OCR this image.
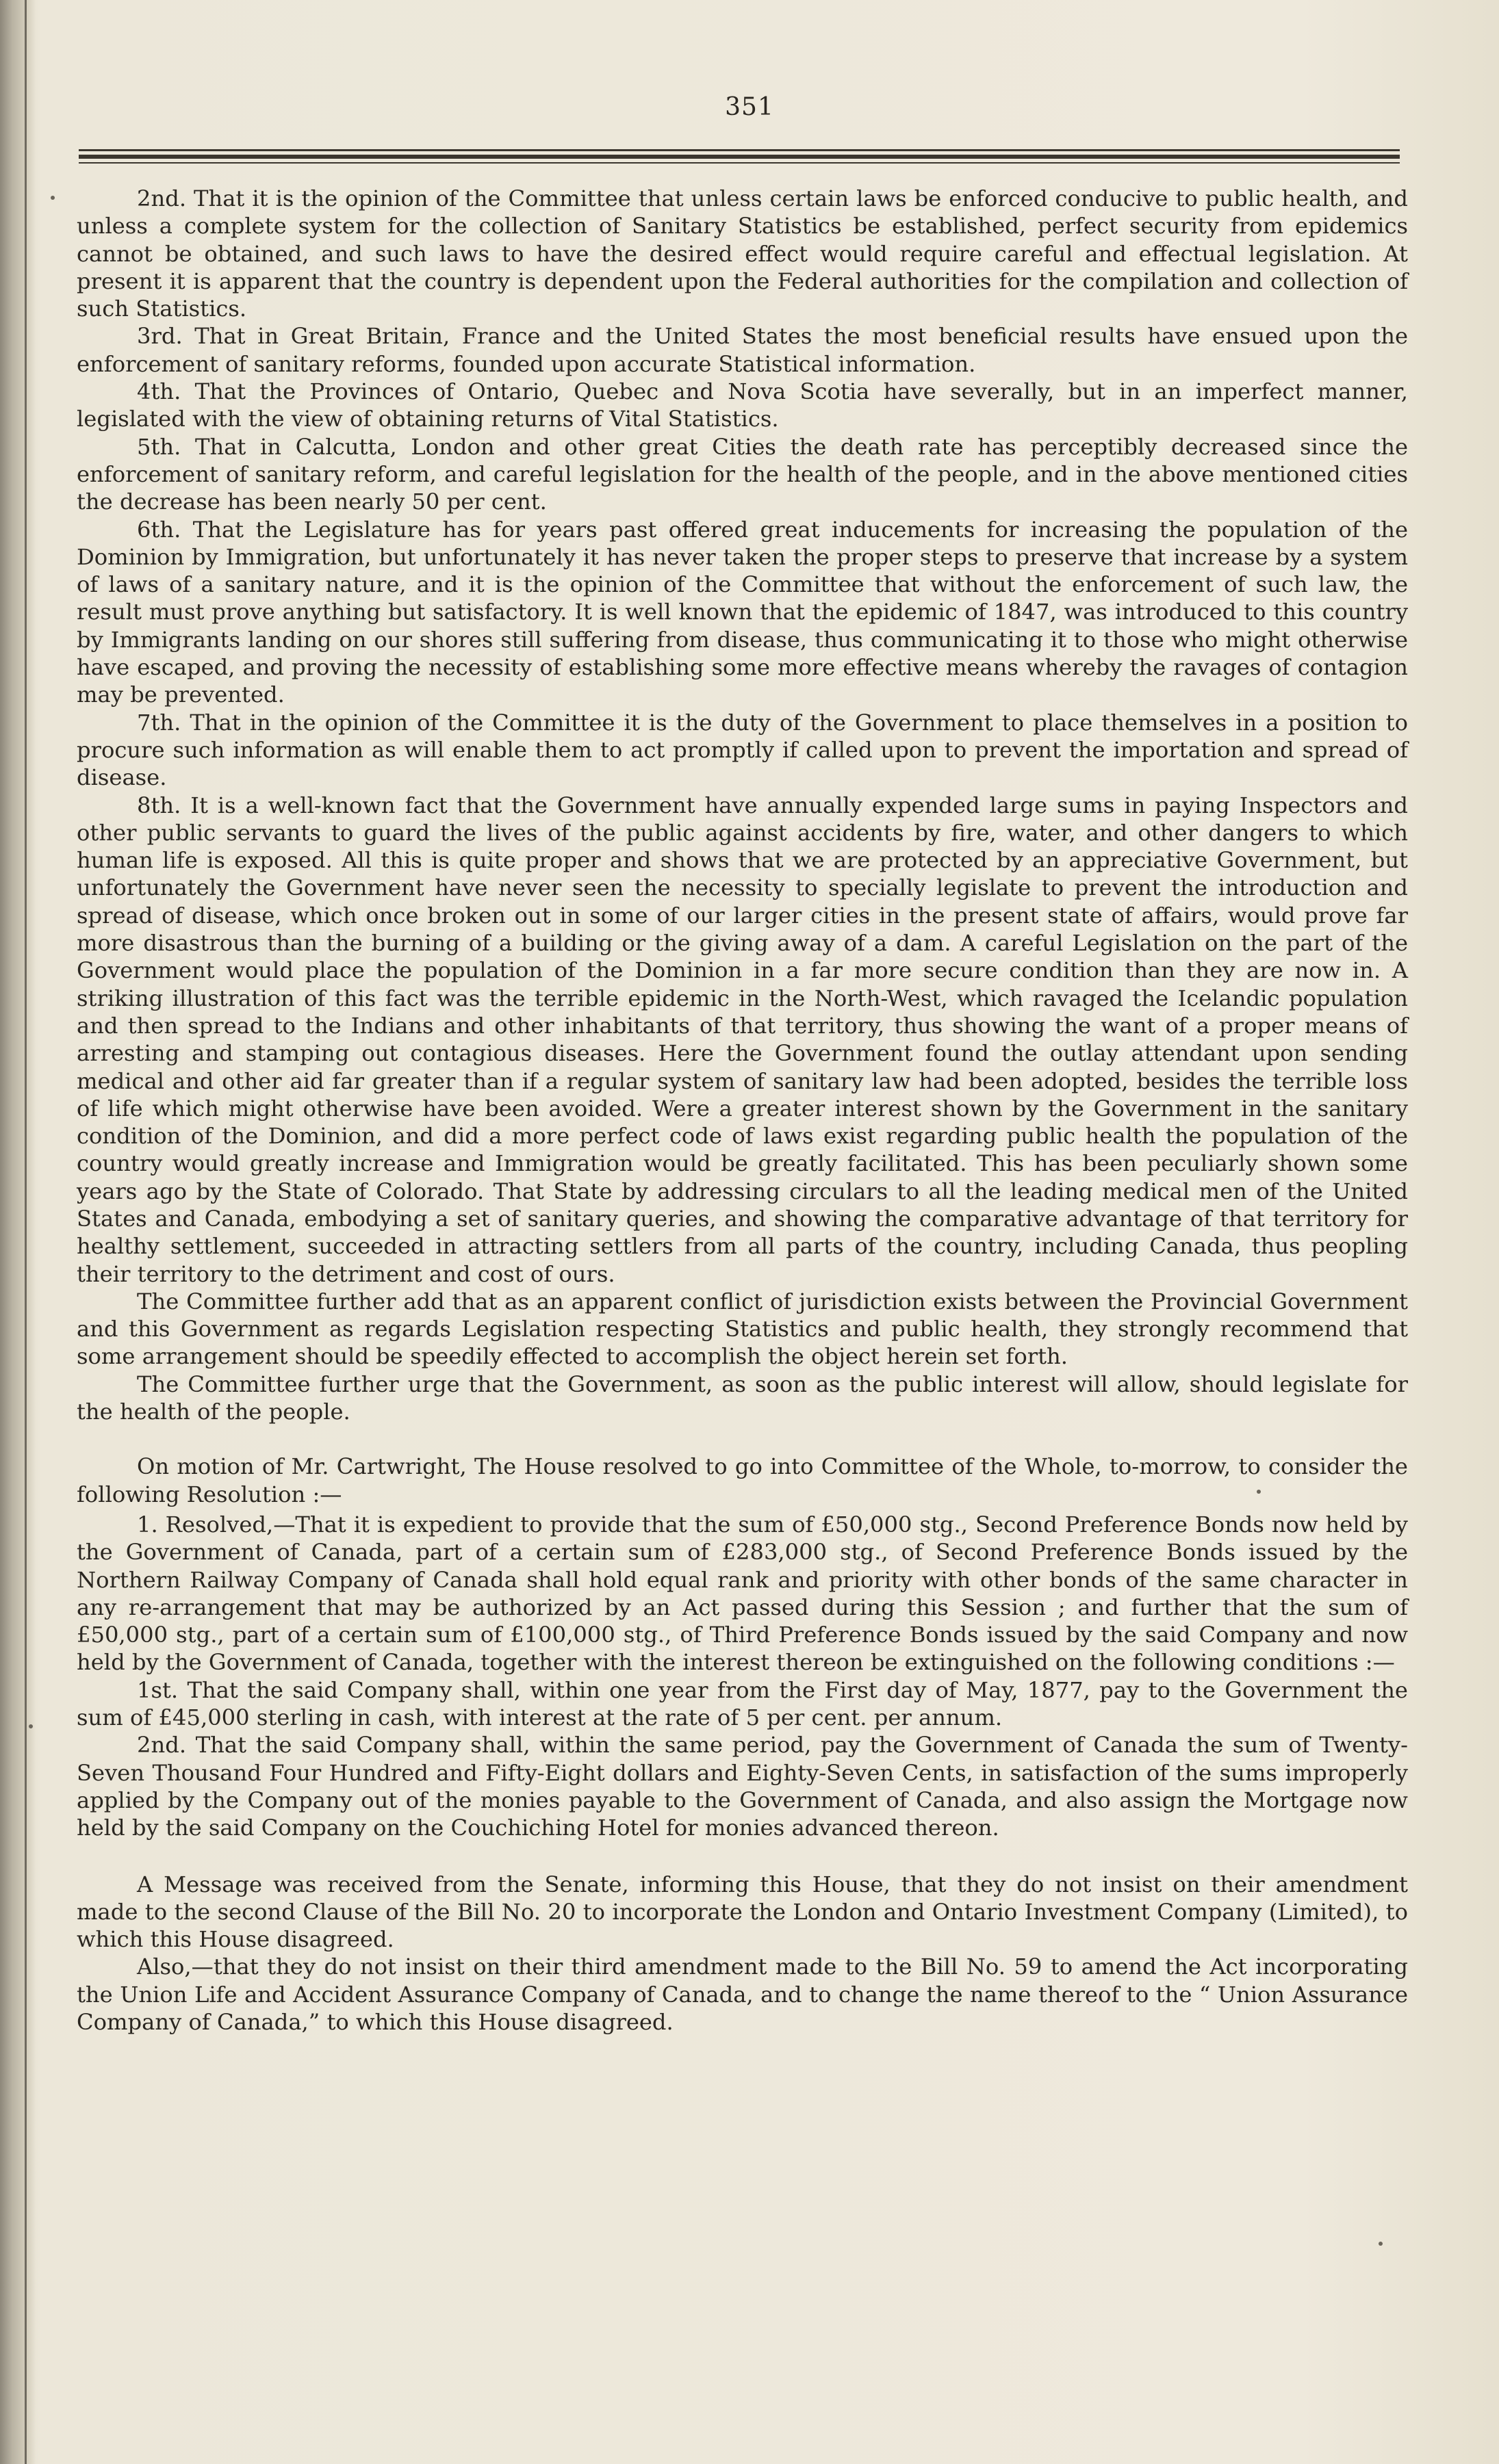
351

2nd. That it is the opinion of the Committee that unless certain laws be enforced conducive to public health, and unless a complete system for the collection of Sanitary Statistics be established, perfect security from epidemics cannot be obtained, and such laws to have the desired effect would require careful and effectual legislation. At present it is apparent that the country is dependent upon the Federal authorities for the compilation and collection of such Statistics.

3rd. That in Great Britain, France and the United States the most beneficial results have ensued upon the enforcement of sanitary reforms, founded upon accurate Statistical information.

4th. That the Provinces of Ontario, Quebec and Nova Scotia have severally, but in an imperfect manner, legislated with the view of obtaining returns of Vital Statistics.

5th. That in Calcutta, London and other great Cities the death rate has perceptibly decreased since the enforcement of sanitary reform, and careful legislation for the health of the people, and in the above mentioned cities the decrease has been nearly 50 per cent.

6th. That the Legislature has for years past offered great inducements for increasing the population of the Dominion by Immigration, but unfortunately it has never taken the proper steps to preserve that increase by a system of laws of a sanitary nature, and it is the opinion of the Committee that without the enforcement of such law, the result must prove anything but satisfactory. It is well known that the epidemic of 1847, was introduced to this country by Immigrants landing on our shores still suffering from disease, thus communicating it to those who might otherwise have escaped, and proving the necessity of establishing some more effective means whereby the ravages of contagion may be prevented.

7th. That in the opinion of the Committee it is the duty of the Government to place themselves in a position to procure such information as will enable them to act promptly if called upon to prevent the importation and spread of disease.

8th. It is a well-known fact that the Government have annually expended large sums in paying Inspectors and other public servants to guard the lives of the public against accidents by fire, water, and other dangers to which human life is exposed. All this is quite proper and shows that we are protected by an appreciative Government, but unfortunately the Government have never seen the necessity to specially legislate to prevent the introduction and spread of disease, which once broken out in some of our larger cities in the present state of affairs, would prove far more disastrous than the burning of a building or the giving away of a dam. A careful Legislation on the part of the Government would place the population of the Dominion in a far more secure condition than they are now in. A striking illustration of this fact was the terrible epidemic in the North-West, which ravaged the Icelandic population and then spread to the Indians and other inhabitants of that territory, thus showing the want of a proper means of arresting and stamping out contagious diseases. Here the Government found the outlay attendant upon sending medical and other aid far greater than if a regular system of sanitary law had been adopted, besides the terrible loss of life which might otherwise have been avoided. Were a greater interest shown by the Government in the sanitary condition of the Dominion, and did a more perfect code of laws exist regarding public health the population of the country would greatly increase and Immigration would be greatly facilitated. This has been peculiarly shown some years ago by the State of Colorado. That State by addressing circulars to all the leading medical men of the United States and Canada, embodying a set of sanitary queries, and showing the comparative advantage of that territory for healthy settlement, succeeded in attracting settlers from all parts of the country, including Canada, thus peopling their territory to the detriment and cost of ours.

The Committee further add that as an apparent conflict of jurisdiction exists between the Provincial Government and this Government as regards Legislation respecting Statistics and public health, they strongly recommend that some arrangement should be speedily effected to accomplish the object herein set forth.

The Committee further urge that the Government, as soon as the public interest will allow, should legislate for the health of the people.

On motion of Mr. Cartwright, The House resolved to go into Committee of the Whole, to-morrow, to consider the following Resolution :—

1. Resolved,—That it is expedient to provide that the sum of £50,000 stg., Second Preference Bonds now held by the Government of Canada, part of a certain sum of £283,000 stg., of Second Preference Bonds issued by the Northern Railway Company of Canada shall hold equal rank and priority with other bonds of the same character in any re-arrangement that may be authorized by an Act passed during this Session ; and further that the sum of £50,000 stg., part of a certain sum of £100,000 stg., of Third Preference Bonds issued by the said Company and now held by the Government of Canada, together with the interest thereon be extinguished on the following conditions :—

1st. That the said Company shall, within one year from the First day of May, 1877, pay to the Government the sum of £45,000 sterling in cash, with interest at the rate of 5 per cent. per annum.

2nd. That the said Company shall, within the same period, pay the Government of Canada the sum of Twenty-Seven Thousand Four Hundred and Fifty-Eight dollars and Eighty-Seven Cents, in satisfaction of the sums improperly applied by the Company out of the monies payable to the Government of Canada, and also assign the Mortgage now held by the said Company on the Couchiching Hotel for monies advanced thereon.

A Message was received from the Senate, informing this House, that they do not insist on their amendment made to the second Clause of the Bill No. 20 to incorporate the London and Ontario Investment Company (Limited), to which this House disagreed.

Also,—that they do not insist on their third amendment made to the Bill No. 59 to amend the Act incorporating the Union Life and Accident Assurance Company of Canada, and to change the name thereof to the “ Union Assurance Company of Canada,” to which this House disagreed.
